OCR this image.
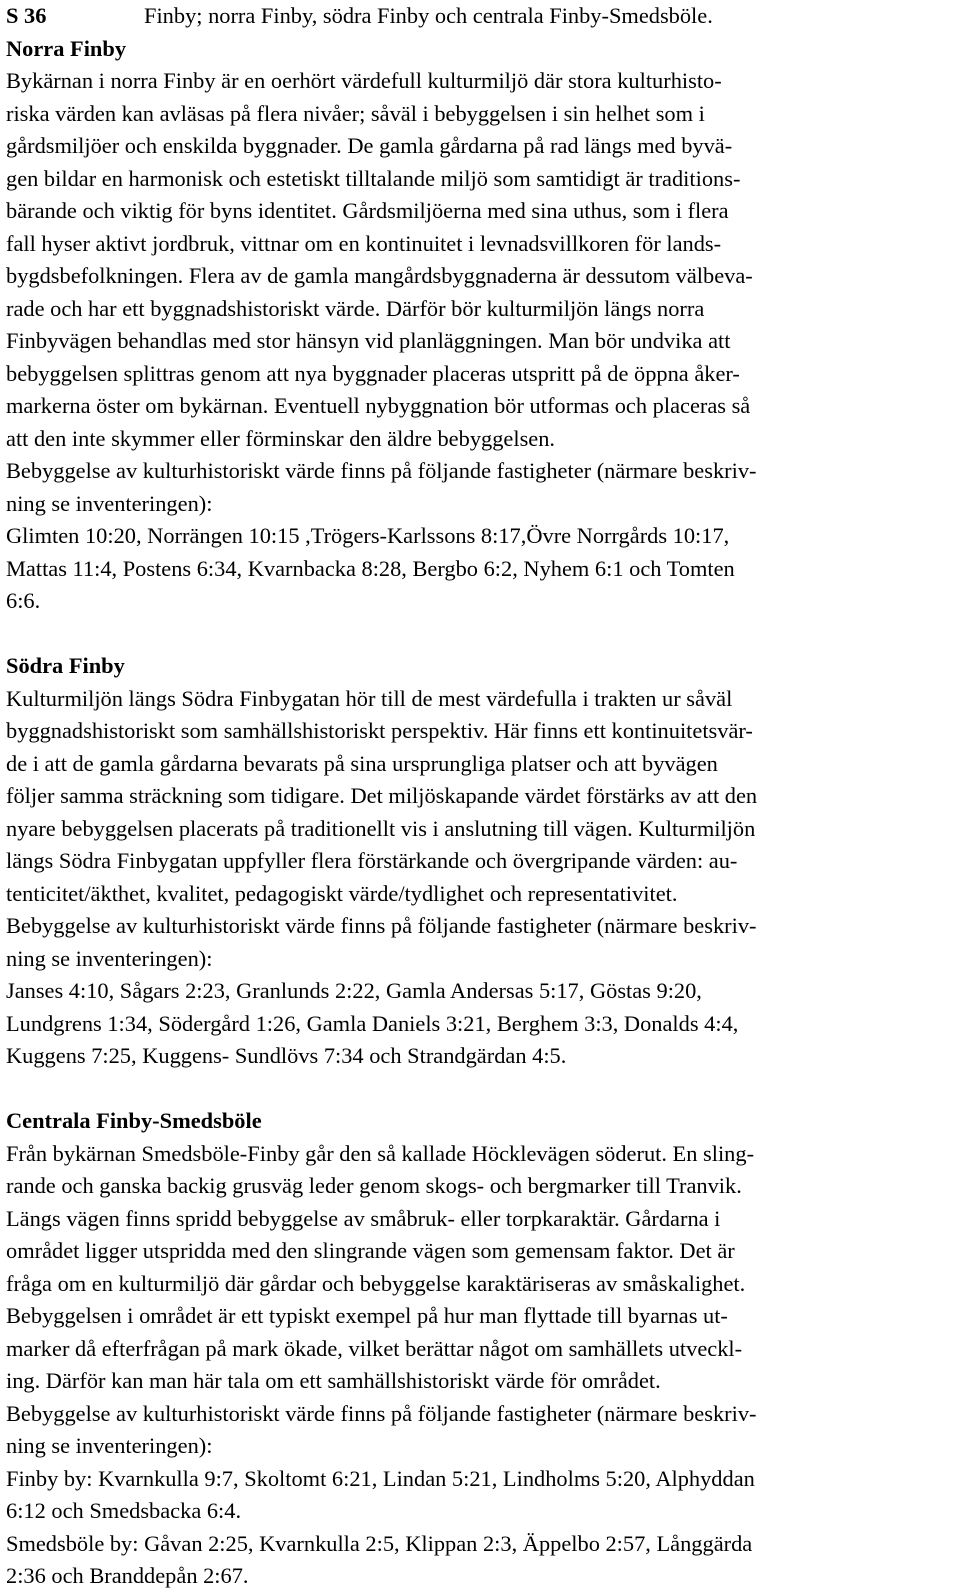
S 36	Finby; norra Finby, södra Finby och centrala Finby-Smedsböle.
Norra Finby
Bykärnan i norra Finby är en oerhört värdefull kulturmiljö där stora kulturhisto-
riska värden kan avläsas på flera nivåer; såväl i bebyggelsen i sin helhet som i
gårdsmiljöer och enskilda byggnader. De gamla gårdarna på rad längs med byvä-
gen bildar en harmonisk och estetiskt tilltalande miljö som samtidigt är traditions-
bärande och viktig för byns identitet. Gårdsmiljöerna med sina uthus, som i flera
fall hyser aktivt jordbruk, vittnar om en kontinuitet i levnadsvillkoren för lands-
bygdsbefolkningen. Flera av de gamla mangårdsbyggnaderna är dessutom välbeva-
rade och har ett byggnadshistoriskt värde. Därför bör kulturmiljön längs norra
Finbyvägen behandlas med stor hänsyn vid planläggningen. Man bör undvika att
bebyggelsen splittras genom att nya byggnader placeras utspritt på de öppna åker-
markerna öster om bykärnan. Eventuell nybyggnation bör utformas och placeras så
att den inte skymmer eller förminskar den äldre bebyggelsen.
Bebyggelse av kulturhistoriskt värde finns på följande fastigheter (närmare beskriv-
ning se inventeringen):
Glimten 10:20, Norrängen 10:15 ,Trögers-Karlssons 8:17,Övre Norrgårds 10:17,
Mattas 11:4, Postens 6:34, Kvarnbacka 8:28, Bergbo 6:2, Nyhem 6:1 och Tomten
6:6.
Södra Finby
Kulturmiljön längs Södra Finbygatan hör till de mest värdefulla i trakten ur såväl
byggnadshistoriskt som samhällshistoriskt perspektiv. Här finns ett kontinuitetsvär-
de i att de gamla gårdarna bevarats på sina ursprungliga platser och att byvägen
följer samma sträckning som tidigare. Det miljöskapande värdet förstärks av att den
nyare bebyggelsen placerats på traditionellt vis i anslutning till vägen. Kulturmiljön
längs Södra Finbygatan uppfyller flera förstärkande och övergripande värden: au-
tenticitet/äkthet, kvalitet, pedagogiskt värde/tydlighet och representativitet.
Bebyggelse av kulturhistoriskt värde finns på följande fastigheter (närmare beskriv-
ning se inventeringen):
Janses 4:10, Sågars 2:23, Granlunds 2:22, Gamla Andersas 5:17, Göstas 9:20,
Lundgrens 1:34, Södergård 1:26, Gamla Daniels 3:21, Berghem 3:3, Donalds 4:4,
Kuggens 7:25, Kuggens- Sundlövs 7:34 och Strandgärdan 4:5.
Centrala Finby-Smedsböle
Från bykärnan Smedsböle-Finby går den så kallade Höcklevägen söderut. En sling-
rande och ganska backig grusväg leder genom skogs- och bergmarker till Tranvik.
Längs vägen finns spridd bebyggelse av småbruk- eller torpkaraktär. Gårdarna i
området ligger utspridda med den slingrande vägen som gemensam faktor. Det är
fråga om en kulturmiljö där gårdar och bebyggelse karaktäriseras av småskalighet.
Bebyggelsen i området är ett typiskt exempel på hur man flyttade till byarnas ut-
marker då efterfrågan på mark ökade, vilket berättar något om samhällets utveckl-
ing. Därför kan man här tala om ett samhällshistoriskt värde för området.
Bebyggelse av kulturhistoriskt värde finns på följande fastigheter (närmare beskriv-
ning se inventeringen):
Finby by: Kvarnkulla 9:7, Skoltomt 6:21, Lindan 5:21, Lindholms 5:20, Alphyddan
6:12 och Smedsbacka 6:4.
Smedsböle by: Gåvan 2:25, Kvarnkulla 2:5, Klippan 2:3, Äppelbo 2:57, Långgärda
2:36 och Branddepån 2:67.
